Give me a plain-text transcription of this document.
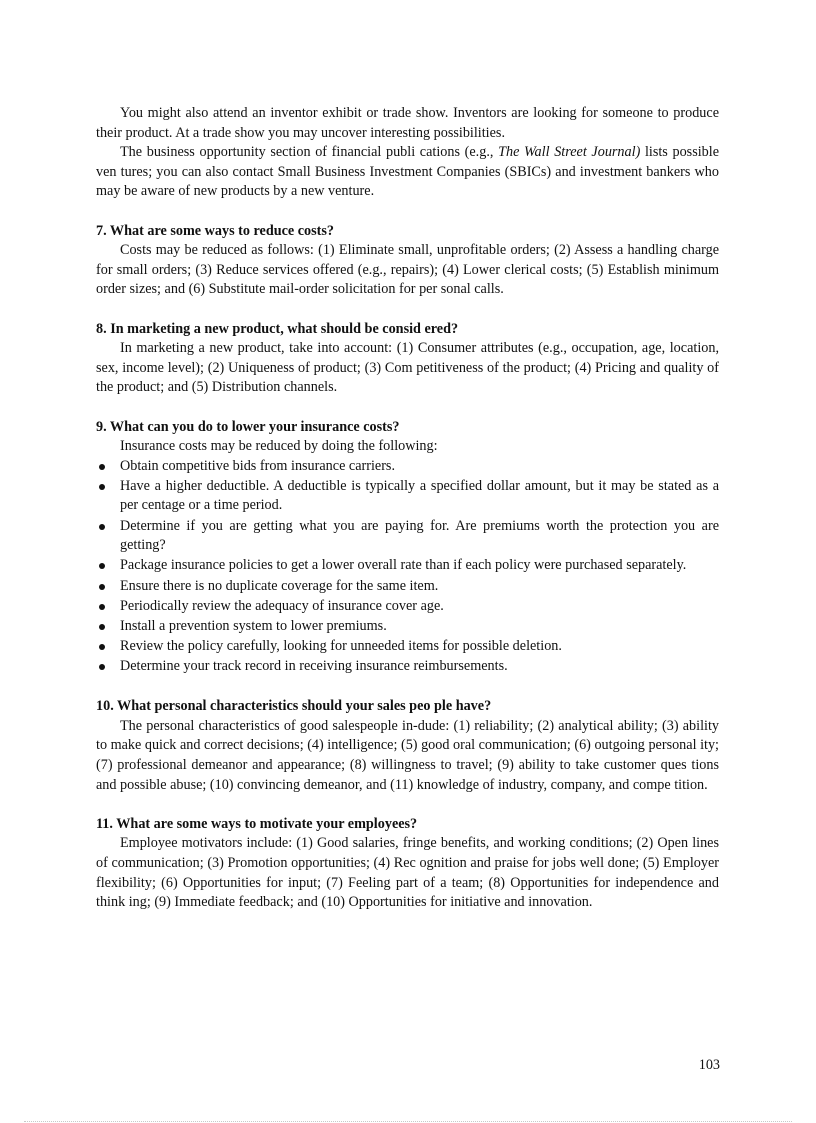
You might also attend an inventor exhibit or trade show. Inventors are looking for someone to produce their product. At a trade show you may uncover interesting possibilities.

The business opportunity section of financial publi cations (e.g., The Wall Street Journal) lists possible ven tures; you can also contact Small Business Investment Companies (SBICs) and investment bankers who may be aware of new products by a new venture.

7. What are some ways to reduce costs?

Costs may be reduced as follows: (1) Eliminate small, unprofitable orders; (2) Assess a handling charge for small orders; (3) Reduce services offered (e.g., repairs); (4) Lower clerical costs; (5) Establish minimum order sizes; and (6) Substitute mail-order solicitation for per sonal calls.

8. In marketing a new product, what should be consid ered?

In marketing a new product, take into account: (1) Consumer attributes (e.g., occupation, age, location, sex, income level); (2) Uniqueness of product; (3) Com petitiveness of the product; (4) Pricing and quality of the product; and (5) Distribution channels.

9. What can you do to lower your insurance costs?

Insurance costs may be reduced by doing the following:

Obtain competitive bids from insurance carriers.
Have a higher deductible. A deductible is typically a specified dollar amount, but it may be stated as a per centage or a time period.
Determine if you are getting what you are paying for. Are premiums worth the protection you are getting?
Package insurance policies to get a lower overall rate than if each policy were purchased separately.
Ensure there is no duplicate coverage for the same item.
Periodically review the adequacy of insurance cover age.
Install a prevention system to lower premiums.
Review the policy carefully, looking for unneeded items for possible deletion.
Determine your track record in receiving insurance reimbursements.
10. What personal characteristics should your sales peo ple have?

The personal characteristics of good salespeople in-dude: (1) reliability; (2) analytical ability; (3) ability to make quick and correct decisions; (4) intelligence; (5) good oral communication; (6) outgoing personal ity; (7) professional demeanor and appearance; (8) willingness to travel; (9) ability to take customer ques tions and possible abuse; (10) convincing demeanor, and (11) knowledge of industry, company, and compe tition.

11. What are some ways to motivate your employees?

Employee motivators include: (1) Good salaries, fringe benefits, and working conditions; (2) Open lines of communication; (3) Promotion opportunities; (4) Rec ognition and praise for jobs well done; (5) Employer flexibility; (6) Opportunities for input; (7) Feeling part of a team; (8) Opportunities for independence and think ing; (9) Immediate feedback; and (10) Opportunities for initiative and innovation.

103
